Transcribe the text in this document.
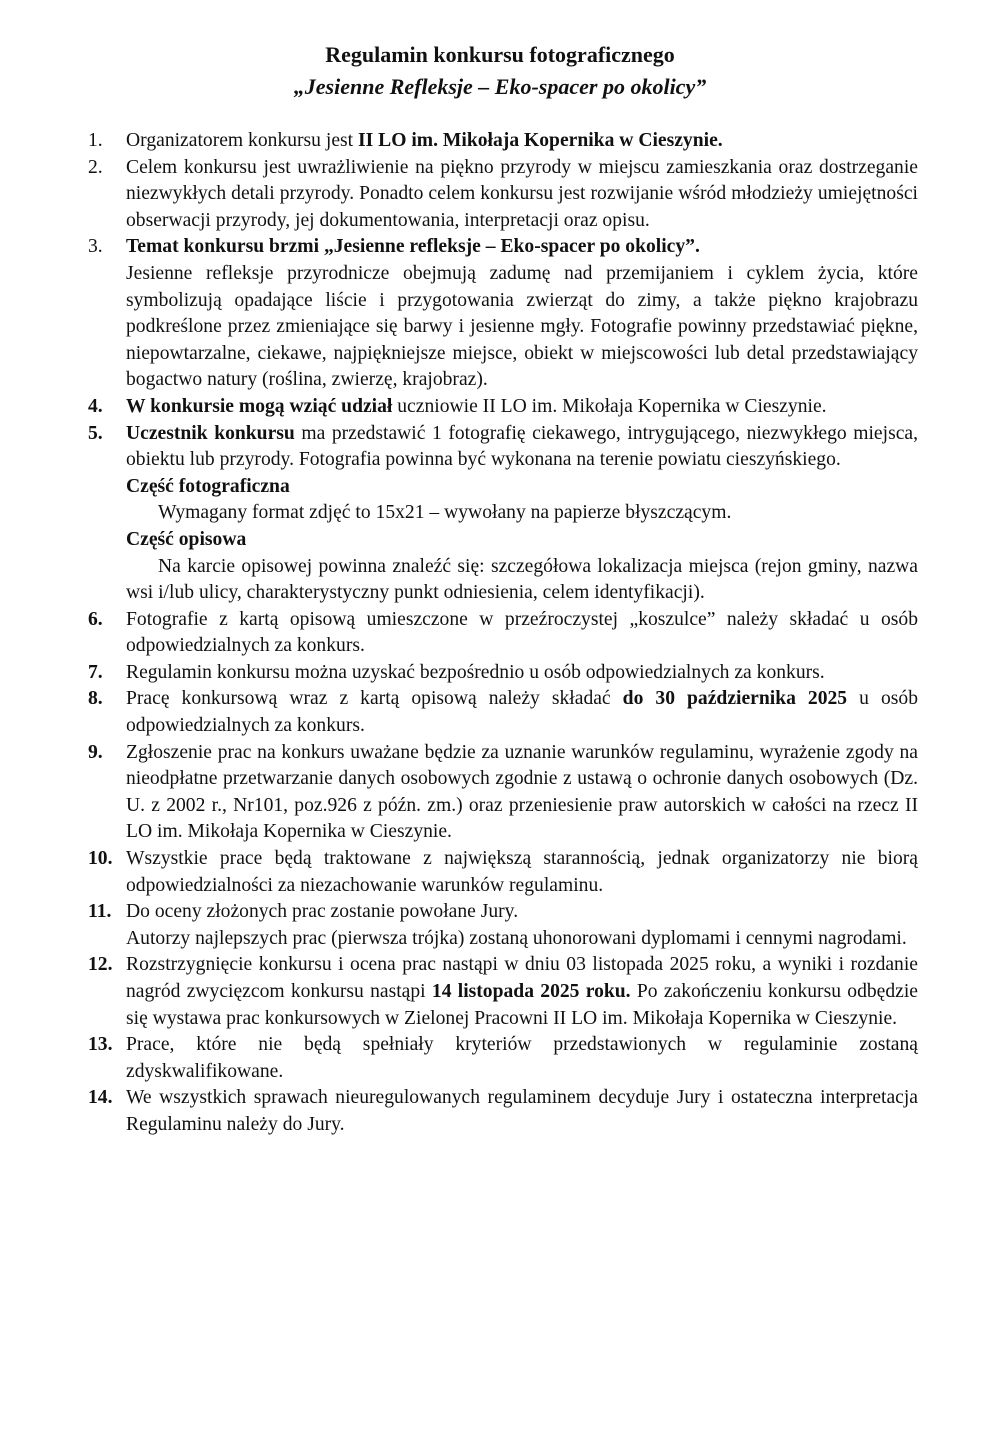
Regulamin konkursu fotograficznego
„Jesienne Refleksje – Eko-spacer po okolicy”
1. Organizatorem konkursu jest II LO im. Mikołaja Kopernika w Cieszynie.

2. Celem konkursu jest uwrażliwienie na piękno przyrody w miejscu zamieszkania oraz dostrzeganie niezwykłych detali przyrody. Ponadto celem konkursu jest rozwijanie wśród młodzieży umiejętności obserwacji przyrody, jej dokumentowania, interpretacji oraz opisu.

3. Temat konkursu brzmi „Jesienne refleksje – Eko-spacer po okolicy”.

Jesienne refleksje przyrodnicze obejmują zadumę nad przemijaniem i cyklem życia, które symbolizują opadające liście i przygotowania zwierząt do zimy, a także piękno krajobrazu podkreślone przez zmieniające się barwy i jesienne mgły. Fotografie powinny przedstawiać piękne, niepowtarzalne, ciekawe, najpiękniejsze miejsce, obiekt w miejscowości lub detal przedstawiający bogactwo natury (roślina, zwierzę, krajobraz).

4. W konkursie mogą wziąć udział uczniowie II LO im. Mikołaja Kopernika w Cieszynie.

5. Uczestnik konkursu ma przedstawić 1 fotografię ciekawego, intrygującego, niezwykłego miejsca, obiektu lub przyrody. Fotografia powinna być wykonana na terenie powiatu cieszyńskiego.

Część fotograficzna

Wymagany format zdjęć to 15x21 – wywołany na papierze błyszczącym.

Część opisowa

Na karcie opisowej powinna znaleźć się: szczegółowa lokalizacja miejsca (rejon gminy, nazwa wsi i/lub ulicy, charakterystyczny punkt odniesienia, celem identyfikacji).

6. Fotografie z kartą opisową umieszczone w przeźroczystej „koszulce” należy składać u osób odpowiedzialnych za konkurs.

7. Regulamin konkursu można uzyskać bezpośrednio u osób odpowiedzialnych za konkurs.

8. Pracę konkursową wraz z kartą opisową należy składać do 30 października 2025 u osób odpowiedzialnych za konkurs.

9. Zgłoszenie prac na konkurs uważane będzie za uznanie warunków regulaminu, wyrażenie zgody na nieodpłatne przetwarzanie danych osobowych zgodnie z ustawą o ochronie danych osobowych (Dz. U. z 2002 r., Nr101, poz.926 z późn. zm.) oraz przeniesienie praw autorskich w całości na rzecz II LO im. Mikołaja Kopernika w Cieszynie.

10. Wszystkie prace będą traktowane z największą starannością, jednak organizatorzy nie biorą odpowiedzialności za niezachowanie warunków regulaminu.

11. Do oceny złożonych prac zostanie powołane Jury.

Autorzy najlepszych prac (pierwsza trójka) zostaną uhonorowani dyplomami i cennymi nagrodami.

12. Rozstrzygnięcie konkursu i ocena prac nastąpi w dniu 03 listopada 2025 roku, a wyniki i rozdanie nagród zwycięzcom konkursu nastąpi 14 listopada 2025 roku. Po zakończeniu konkursu odbędzie się wystawa prac konkursowych w Zielonej Pracowni II LO im. Mikołaja Kopernika w Cieszynie.

13. Prace, które nie będą spełniały kryteriów przedstawionych w regulaminie zostaną zdyskwalifikowane.

14. We wszystkich sprawach nieuregulowanych regulaminem decyduje Jury i ostateczna interpretacja Regulaminu należy do Jury.
